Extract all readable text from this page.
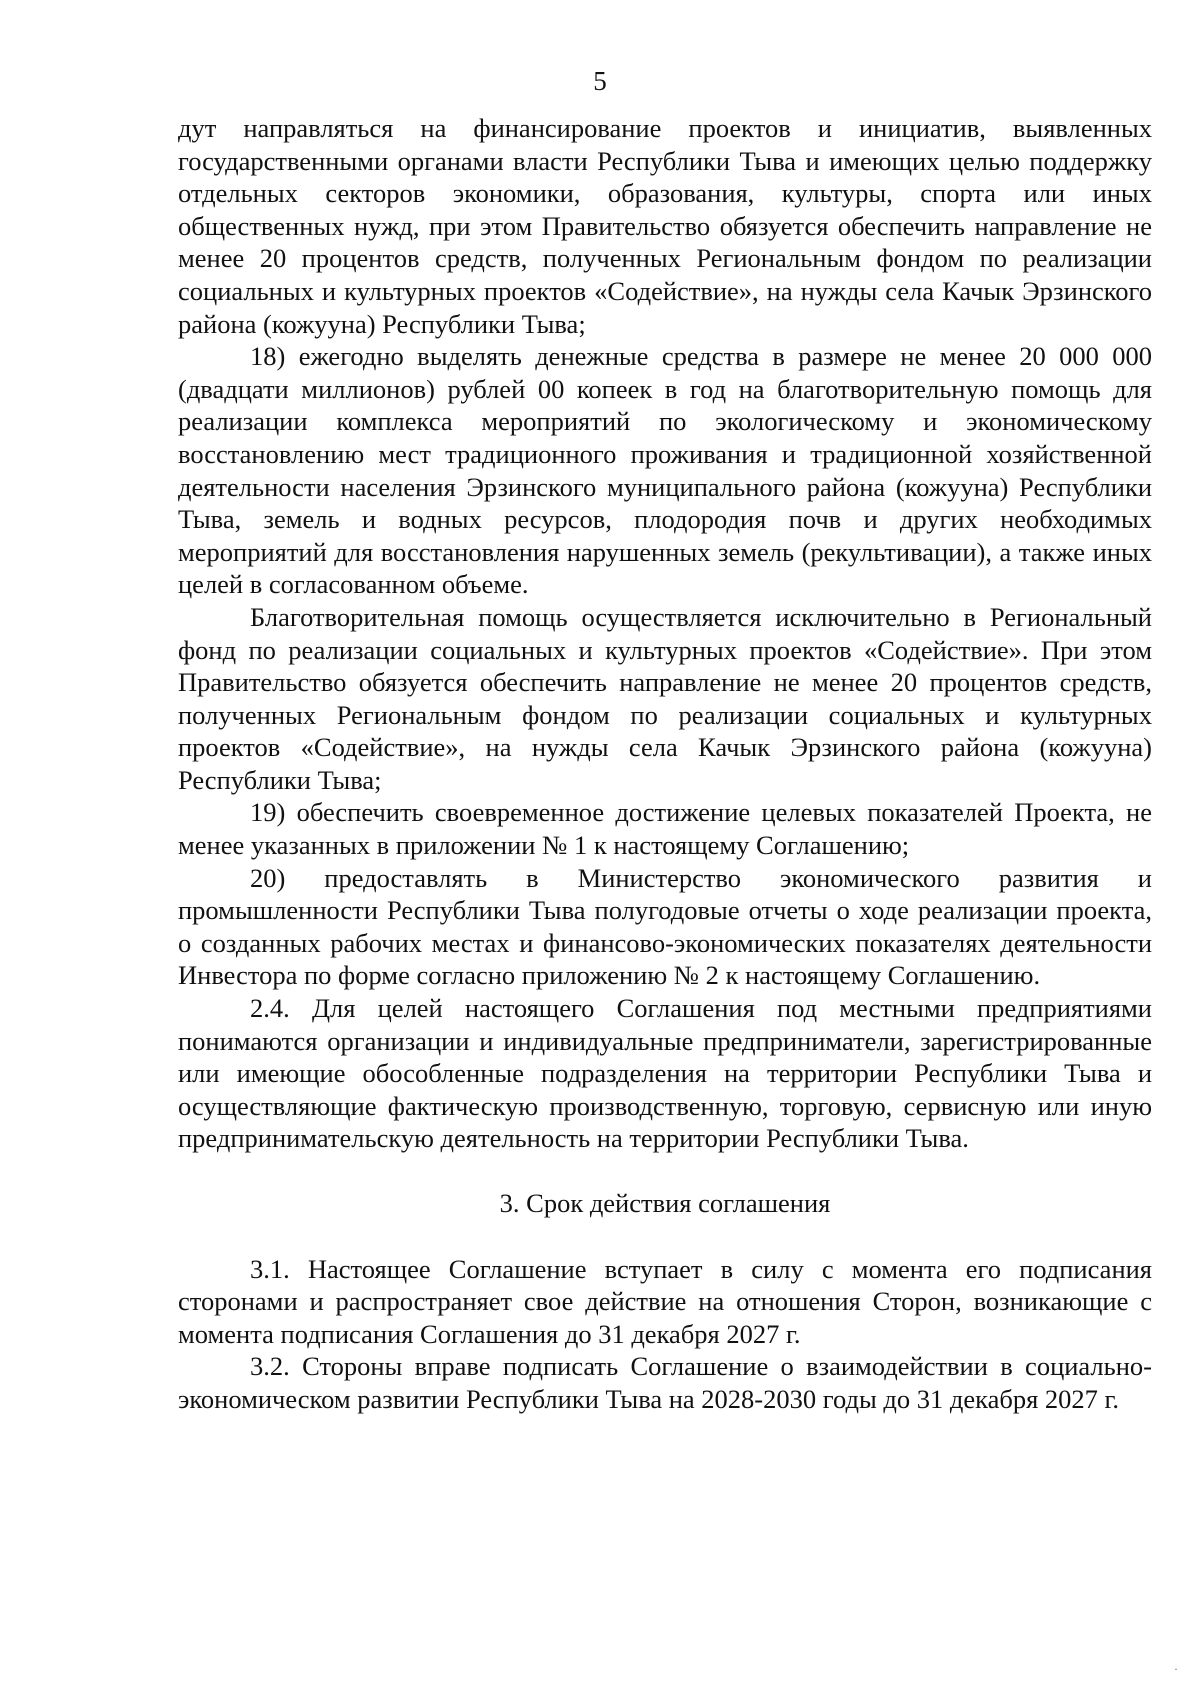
5

дут направляться на финансирование проектов и инициатив, выявленных государственными органами власти Республики Тыва и имеющих целью поддержку отдельных секторов экономики, образования, культуры, спорта или иных общественных нужд, при этом Правительство обязуется обеспечить направление не менее 20 процентов средств, полученных Региональным фондом по реализации социальных и культурных проектов «Содействие», на нужды села Качык Эрзинского района (кожууна) Республики Тыва;

18) ежегодно выделять денежные средства в размере не менее 20 000 000 (двадцати миллионов) рублей 00 копеек в год на благотворительную помощь для реализации комплекса мероприятий по экологическому и экономическому восстановлению мест традиционного проживания и традиционной хозяйственной деятельности населения Эрзинского муниципального района (кожууна) Республики Тыва, земель и водных ресурсов, плодородия почв и других необходимых мероприятий для восстановления нарушенных земель (рекультивации), а также иных целей в согласованном объеме.

Благотворительная помощь осуществляется исключительно в Региональный фонд по реализации социальных и культурных проектов «Содействие». При этом Правительство обязуется обеспечить направление не менее 20 процентов средств, полученных Региональным фондом по реализации социальных и культурных проектов «Содействие», на нужды села Качык Эрзинского района (кожууна) Республики Тыва;

19) обеспечить своевременное достижение целевых показателей Проекта, не менее указанных в приложении № 1 к настоящему Соглашению;

20) предоставлять в Министерство экономического развития и промышленности Республики Тыва полугодовые отчеты о ходе реализации проекта, о созданных рабочих местах и финансово-экономических показателях деятельности Инвестора по форме согласно приложению № 2 к настоящему Соглашению.

2.4. Для целей настоящего Соглашения под местными предприятиями понимаются организации и индивидуальные предприниматели, зарегистрированные или имеющие обособленные подразделения на территории Республики Тыва и осуществляющие фактическую производственную, торговую, сервисную или иную предпринимательскую деятельность на территории Республики Тыва.

3. Срок действия соглашения

3.1. Настоящее Соглашение вступает в силу с момента его подписания сторонами и распространяет свое действие на отношения Сторон, возникающие с момента подписания Соглашения до 31 декабря 2027 г.

3.2. Стороны вправе подписать Соглашение о взаимодействии в социально-экономическом развитии Республики Тыва на 2028-2030 годы до 31 декабря 2027 г.

·
